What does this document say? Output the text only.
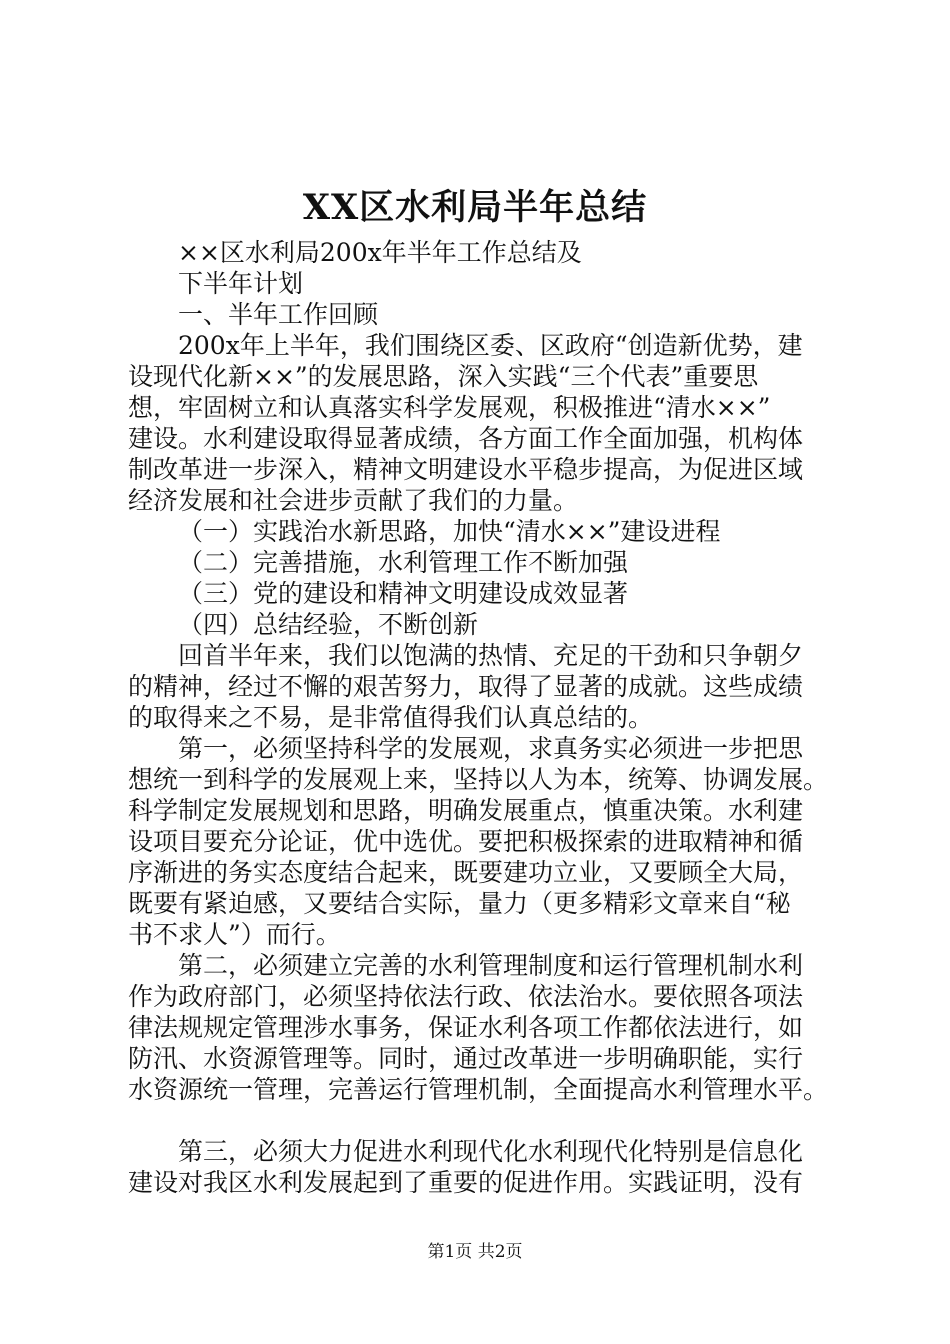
XX区水利局半年总结
××区水利局200x年半年工作总结及
下半年计划
一、半年工作回顾
200x年上半年，我们围绕区委、区政府“创造新优势，建
设现代化新××”的发展思路，深入实践“三个代表”重要思
想，牢固树立和认真落实科学发展观，积极推进“清水××”
建设。水利建设取得显著成绩，各方面工作全面加强，机构体
制改革进一步深入，精神文明建设水平稳步提高，为促进区域
经济发展和社会进步贡献了我们的力量。
（一）实践治水新思路，加快“清水××”建设进程
（二）完善措施，水利管理工作不断加强
（三）党的建设和精神文明建设成效显著
（四）总结经验，不断创新
回首半年来，我们以饱满的热情、充足的干劲和只争朝夕
的精神，经过不懈的艰苦努力，取得了显著的成就。这些成绩
的取得来之不易，是非常值得我们认真总结的。
第一，必须坚持科学的发展观，求真务实必须进一步把思
想统一到科学的发展观上来，坚持以人为本，统筹、协调发展。
科学制定发展规划和思路，明确发展重点，慎重决策。水利建
设项目要充分论证，优中选优。要把积极探索的进取精神和循
序渐进的务实态度结合起来，既要建功立业，又要顾全大局，
既要有紧迫感，又要结合实际，量力（更多精彩文章来自“秘
书不求人”）而行。
第二，必须建立完善的水利管理制度和运行管理机制水利
作为政府部门，必须坚持依法行政、依法治水。要依照各项法
律法规规定管理涉水事务，保证水利各项工作都依法进行，如
防汛、水资源管理等。同时，通过改革进一步明确职能，实行
水资源统一管理，完善运行管理机制，全面提高水利管理水平。
第三，必须大力促进水利现代化水利现代化特别是信息化
建设对我区水利发展起到了重要的促进作用。实践证明，没有
第1页 共2页
